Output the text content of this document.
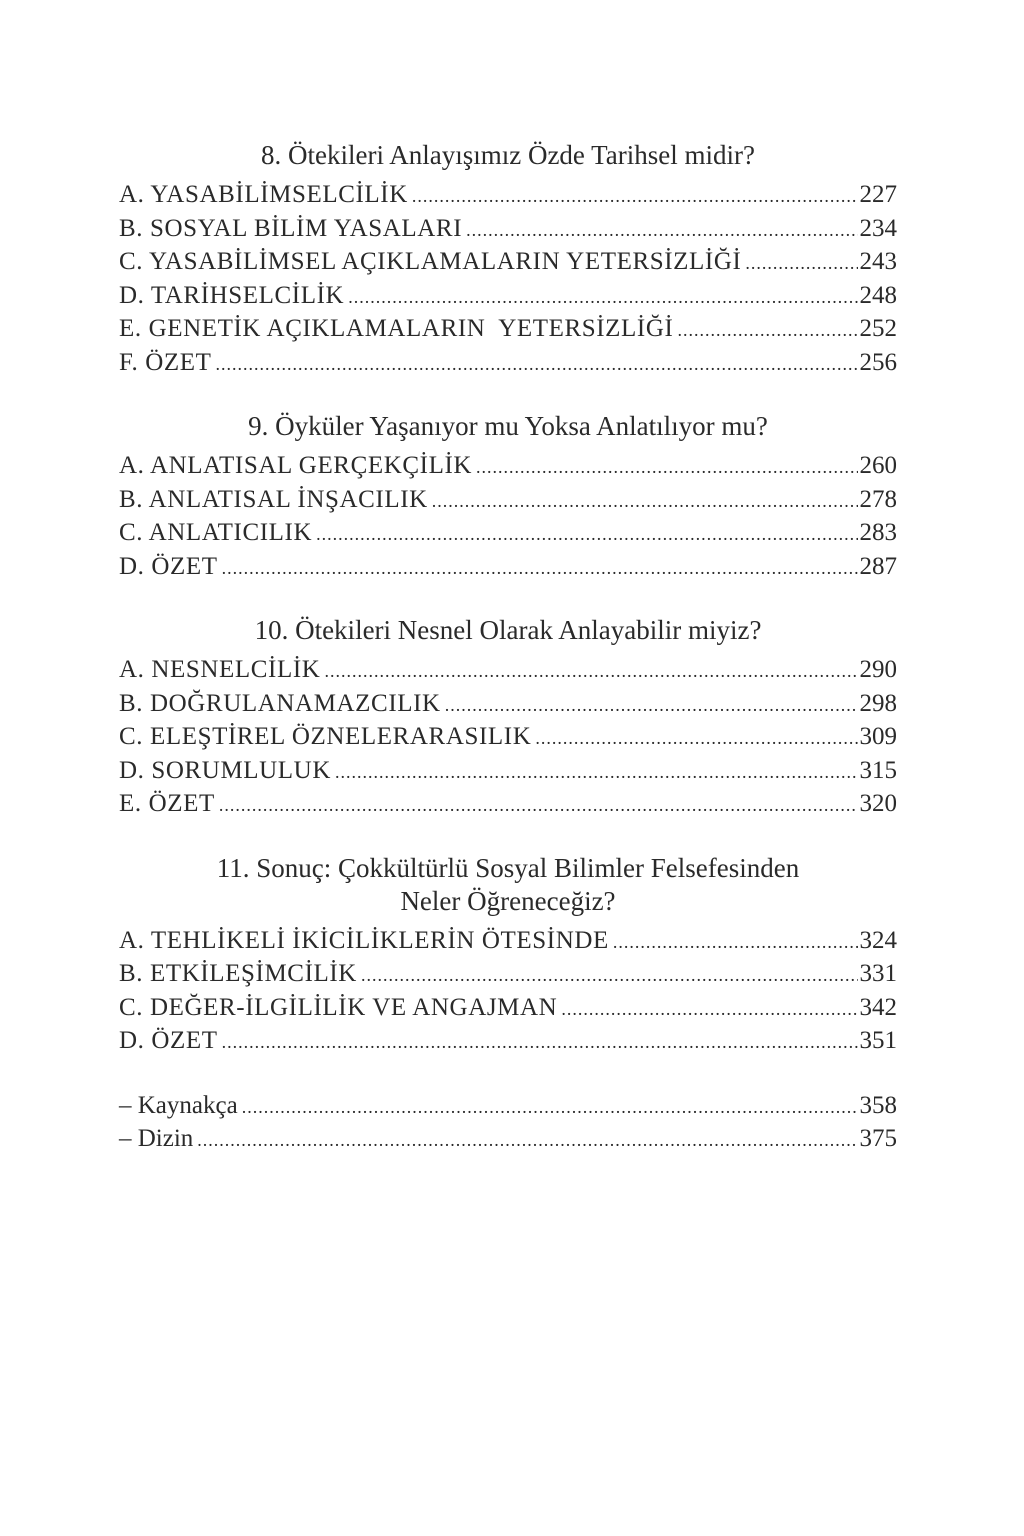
8. Ötekileri Anlayışımız Özde Tarihsel midir?
A. YASABİLİMSELCİLİK .....	227
B. SOSYAL BİLİM YASALARI .....	234
C. YASABİLİMSEL AÇIKLAMALARIN YETERSİZLİĞİ .....	243
D. TARİHSELCİLİK .....	248
E. GENETİK AÇIKLAMALARIN  YETERSİZLİĞİ .....	252
F. ÖZET .....	256
9. Öyküler Yaşanıyor mu Yoksa Anlatılıyor mu?
A. ANLATISAL GERÇEKÇİLİK .....	260
B. ANLATISAL İNŞACILIK .....	278
C. ANLATICILIK .....	283
D. ÖZET .....	287
10. Ötekileri Nesnel Olarak Anlayabilir miyiz?
A. NESNELCİLİK .....	290
B. DOĞRULANAMAZCILIK .....	298
C. ELEŞTİREL ÖZNELERARASILIK .....	309
D. SORUMLULUK .....	315
E. ÖZET .....	320
11. Sonuç: Çokkültürlü Sosyal Bilimler Felsefesinden
Neler Öğreneceğiz?
A. TEHLİKELİ İKİCİLİKLERİN ÖTESİNDE .....	324
B. ETKİLEŞİMCİLİK .....	331
C. DEĞER-İLGİLİLİK VE ANGAJMAN .....	342
D. ÖZET .....	351
– Kaynakça .....	358
– Dizin .....	375
